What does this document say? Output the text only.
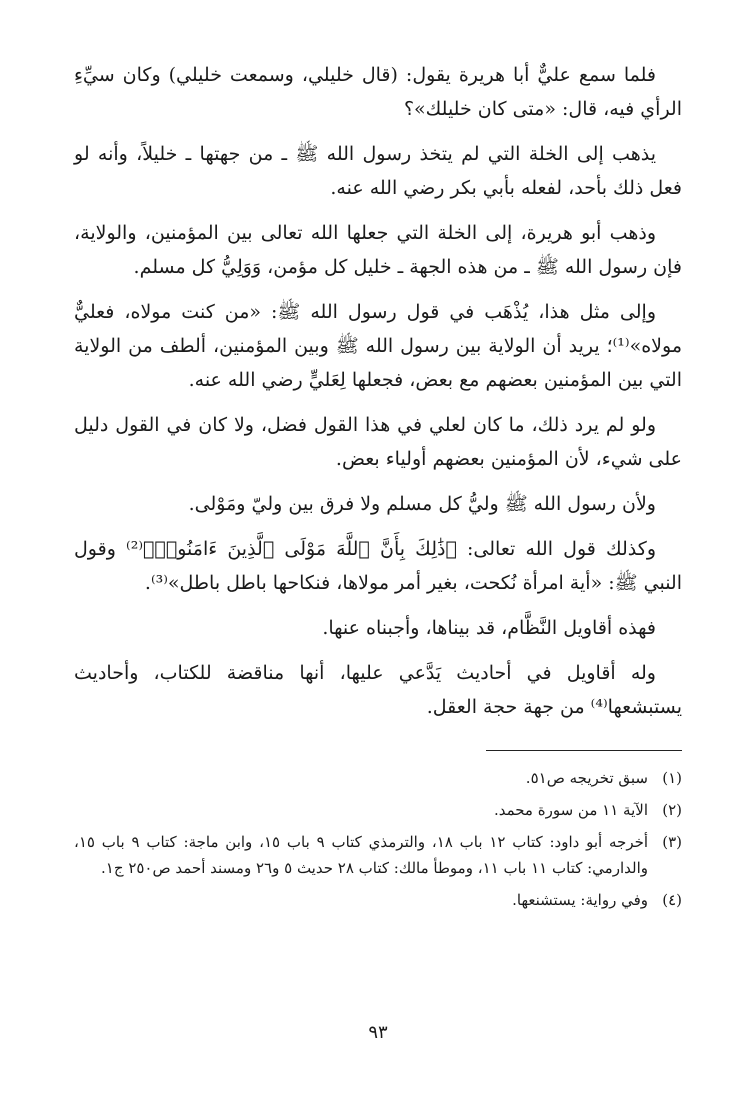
فلما سمع عليٌّ أبا هريرة يقول: (قال خليلي، وسمعت خليلي) وكان سيِّءِ الرأي فيه، قال: «متى كان خليلك»؟

يذهب إلى الخلة التي لم يتخذ رسول الله ﷺ ـ من جهتها ـ خليلاً، وأنه لو فعل ذلك بأحد، لفعله بأبي بكر رضي الله عنه.

وذهب أبو هريرة، إلى الخلة التي جعلها الله تعالى بين المؤمنين، والولاية، فإن رسول الله ﷺ ـ من هذه الجهة ـ خليل كل مؤمن، وَوَلِيُّ كل مسلم.

وإلى مثل هذا، يُذْهَب في قول رسول الله ﷺ: «من كنت مولاه، فعليٌّ مولاه»⁽¹⁾؛ يريد أن الولاية بين رسول الله ﷺ وبين المؤمنين، ألطف من الولاية التي بين المؤمنين بعضهم مع بعض، فجعلها لِعَليٍّ رضي الله عنه.

ولو لم يرد ذلك، ما كان لعلي في هذا القول فضل، ولا كان في القول دليل على شيء، لأن المؤمنين بعضهم أولياء بعض.

ولأن رسول الله ﷺ وليُّ كل مسلم ولا فرق بين وليّ ومَوْلى.

وكذلك قول الله تعالى: ﴿ذَٰلِكَ بِأَنَّ ٱللَّهَ مَوْلَى ٱلَّذِينَ ءَامَنُوا۟﴾⁽²⁾ وقول النبي ﷺ: «أية امرأة نُكحت، بغير أمر مولاها، فنكاحها باطل باطل»⁽³⁾.

فهذه أقاويل النَّظَّام، قد بيناها، وأجبناه عنها.

وله أقاويل في أحاديث يَدَّعي عليها، أنها مناقضة للكتاب، وأحاديث يستبشعها⁽⁴⁾ من جهة حجة العقل.

(١)
سبق تخريجه ص٥١.
(٢)
الآية ١١ من سورة محمد.
(٣)
أخرجه أبو داود: كتاب ١٢ باب ١٨، والترمذي كتاب ٩ باب ١٥، وابن ماجة: كتاب ٩ باب ١٥، والدارمي: كتاب ١١ باب ١١، وموطأ مالك: كتاب ٢٨ حديث ٥ و٢٦ ومسند أحمد ص٢٥٠ ج١.
(٤)
وفي رواية: يستشنعها.
٩٣
